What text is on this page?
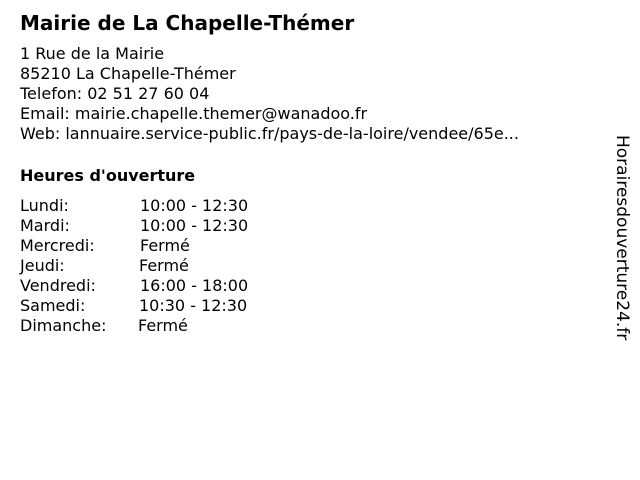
Mairie de La Chapelle-Thémer
1 Rue de la Mairie
85210 La Chapelle-Thémer
Telefon: 02 51 27 60 04
Email: mairie.chapelle.themer@wanadoo.fr
Web: lannuaire.service-public.fr/pays-de-la-loire/vendee/65e...
Heures d'ouverture
Lundi:	10:00 - 12:30
Mardi:	10:00 - 12:30
Mercredi:	Fermé
Jeudi:	Fermé
Vendredi:	16:00 - 18:00
Samedi:	10:30 - 12:30
Dimanche: Fermé	Horairesdouverture24.fr
